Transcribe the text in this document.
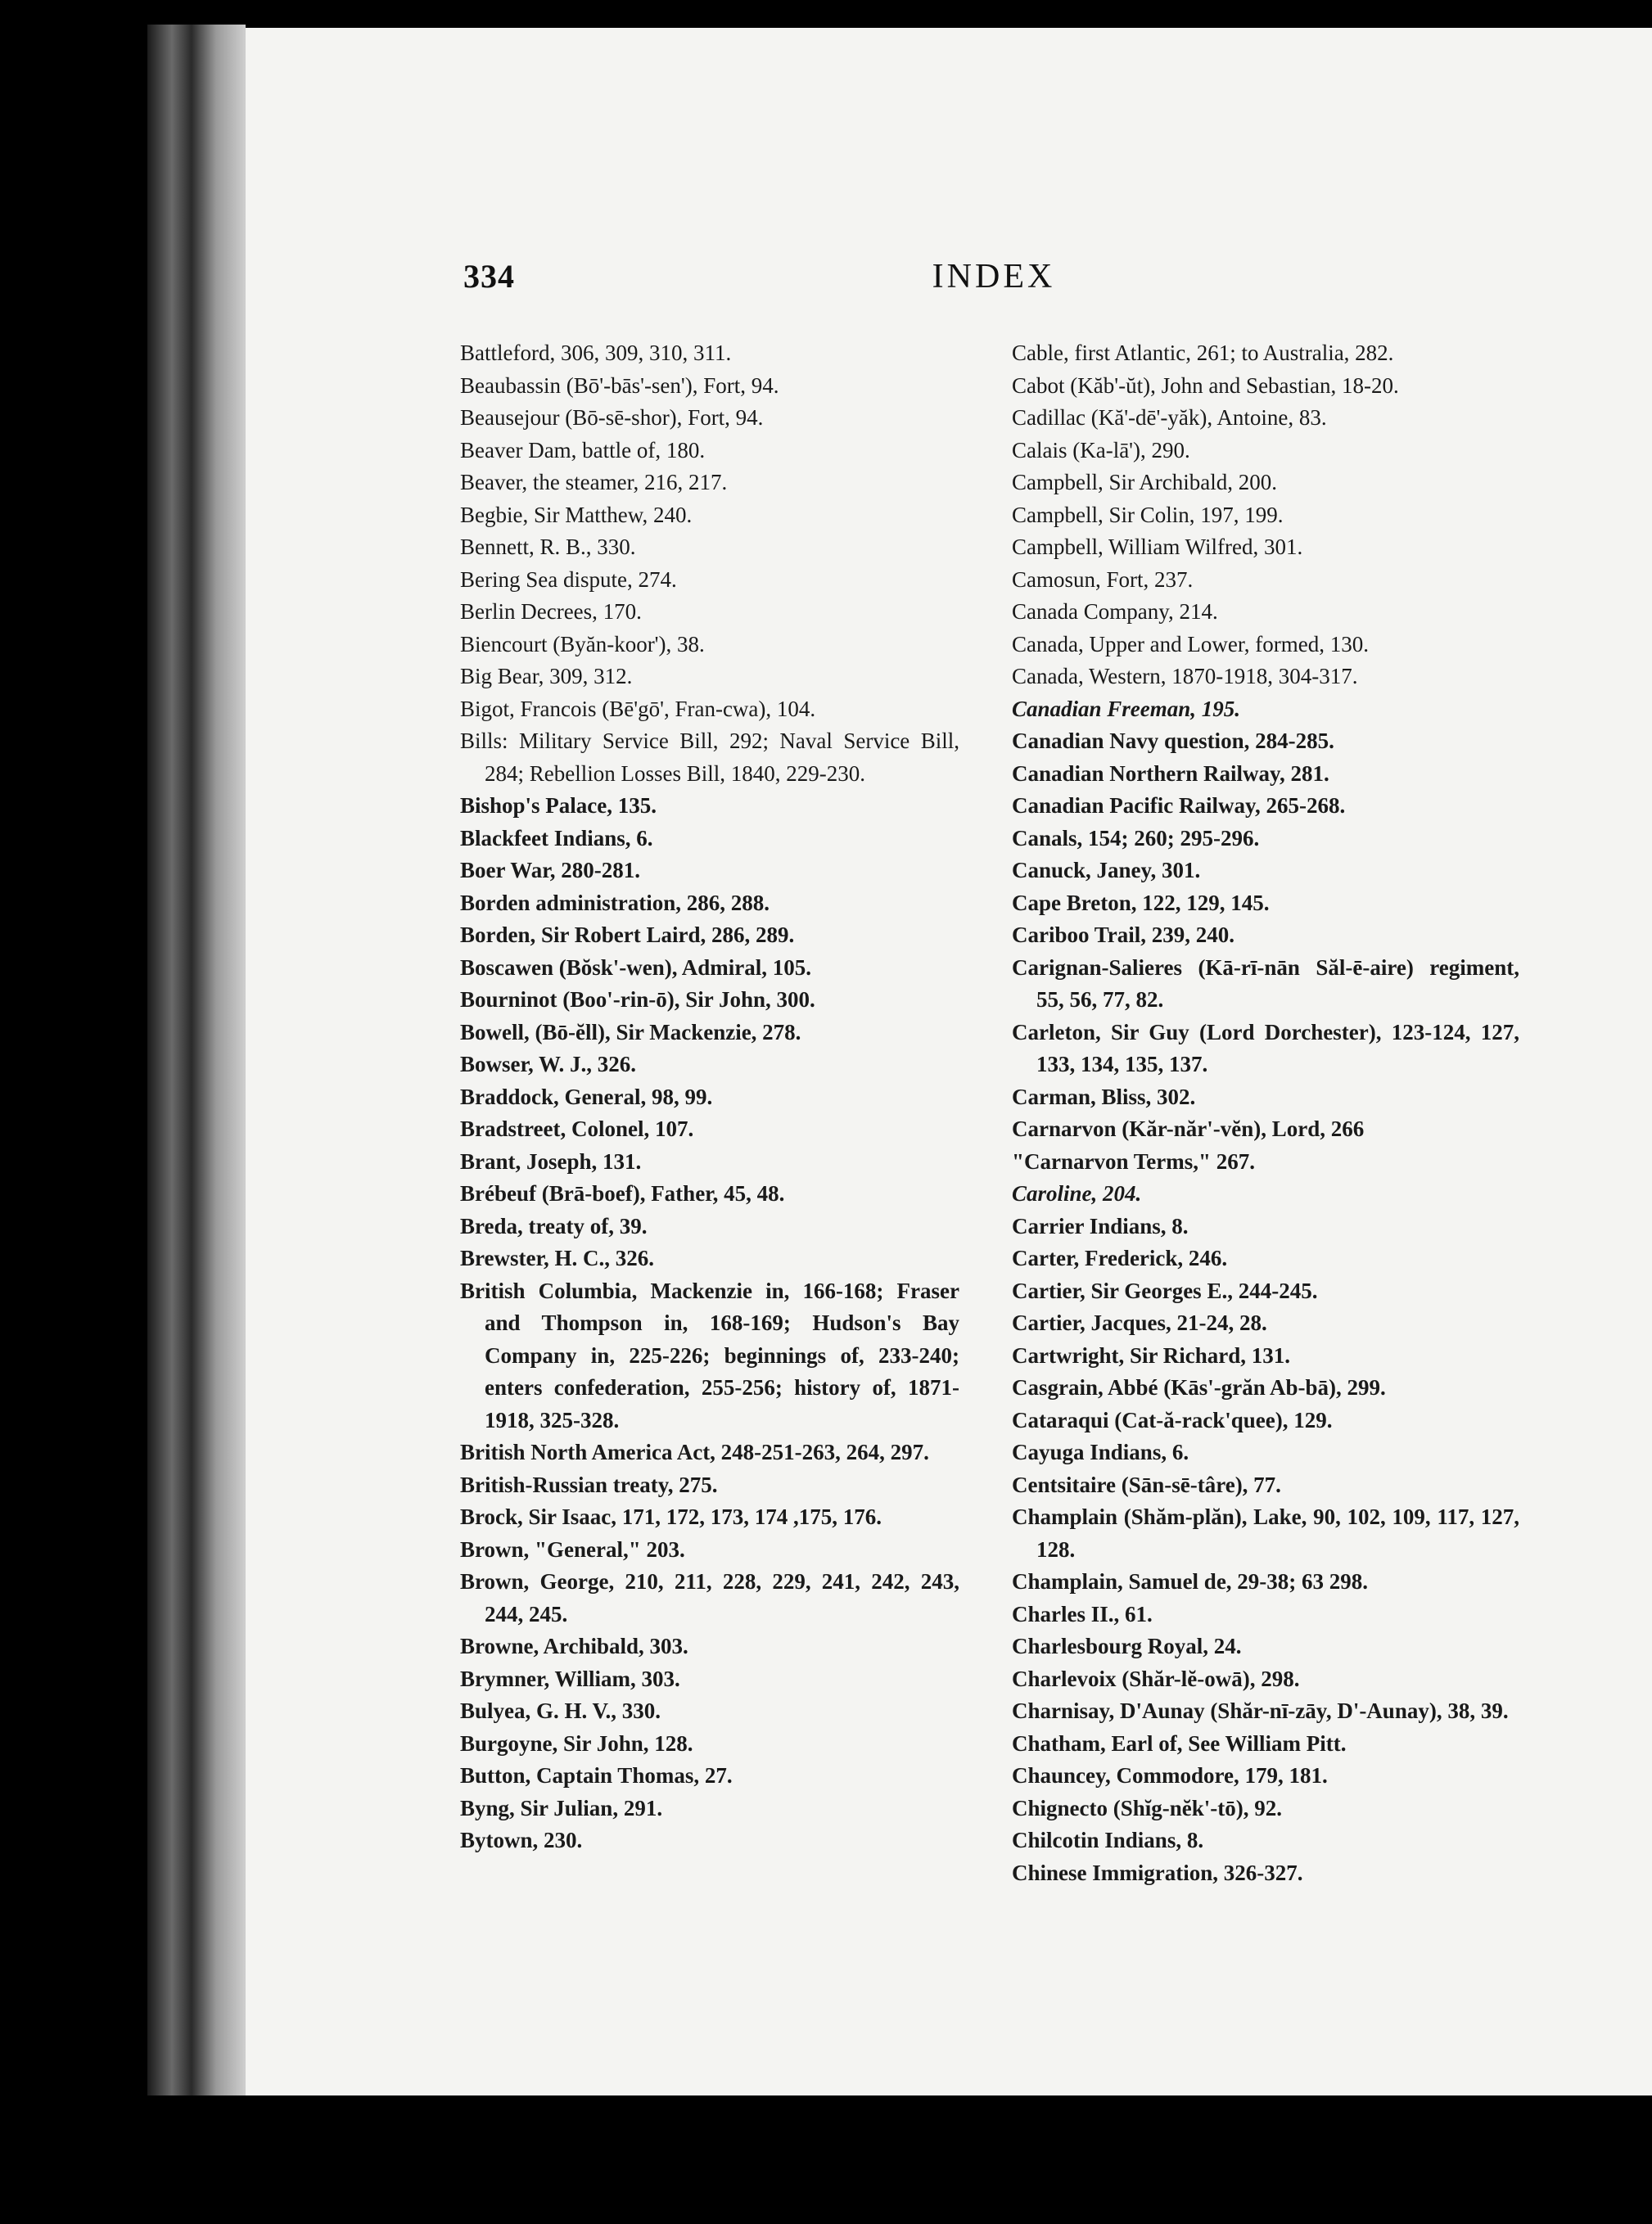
334	INDEX
Battleford, 306, 309, 310, 311.
Beaubassin (Bō'-bās'-sen'), Fort, 94.
Beausejour (Bō-sē-shor), Fort, 94.
Beaver Dam, battle of, 180.
Beaver, the steamer, 216, 217.
Begbie, Sir Matthew, 240.
Bennett, R. B., 330.
Bering Sea dispute, 274.
Berlin Decrees, 170.
Biencourt (Byăn-koor'), 38.
Big Bear, 309, 312.
Bigot, Francois (Bē'gō', Fran-cwa), 104.
Bills: Military Service Bill, 292; Naval Service Bill, 284; Rebellion Losses Bill, 1840, 229-230.
Bishop's Palace, 135.
Blackfeet Indians, 6.
Boer War, 280-281.
Borden administration, 286, 288.
Borden, Sir Robert Laird, 286, 289.
Boscawen (Bŏsk'-wen), Admiral, 105.
Bourninot (Boo'-rin-ō), Sir John, 300.
Bowell, (Bō-ĕll), Sir Mackenzie, 278.
Bowser, W. J., 326.
Braddock, General, 98, 99.
Bradstreet, Colonel, 107.
Brant, Joseph, 131.
Brébeuf (Brā-boef), Father, 45, 48.
Breda, treaty of, 39.
Brewster, H. C., 326.
British Columbia, Mackenzie in, 166-168; Fraser and Thompson in, 168-169; Hudson's Bay Company in, 225-226; beginnings of, 233-240; enters confederation, 255-256; history of, 1871-1918, 325-328.
British North America Act, 248-251-263, 264, 297.
British-Russian treaty, 275.
Brock, Sir Isaac, 171, 172, 173, 174 ,175, 176.
Brown, "General," 203.
Brown, George, 210, 211, 228, 229, 241, 242, 243, 244, 245.
Browne, Archibald, 303.
Brymner, William, 303.
Bulyea, G. H. V., 330.
Burgoyne, Sir John, 128.
Button, Captain Thomas, 27.
Byng, Sir Julian, 291.
Bytown, 230.
Cable, first Atlantic, 261; to Australia, 282.
Cabot (Kăb'-ŭt), John and Sebastian, 18-20.
Cadillac (Kă'-dē'-yăk), Antoine, 83.
Calais (Ka-lā'), 290.
Campbell, Sir Archibald, 200.
Campbell, Sir Colin, 197, 199.
Campbell, William Wilfred, 301.
Camosun, Fort, 237.
Canada Company, 214.
Canada, Upper and Lower, formed, 130.
Canada, Western, 1870-1918, 304-317.
Canadian Freeman, 195.
Canadian Navy question, 284-285.
Canadian Northern Railway, 281.
Canadian Pacific Railway, 265-268.
Canals, 154; 260; 295-296.
Canuck, Janey, 301.
Cape Breton, 122, 129, 145.
Cariboo Trail, 239, 240.
Carignan-Salieres (Kā-rī-nān Săl-ē-aire) regiment, 55, 56, 77, 82.
Carleton, Sir Guy (Lord Dorchester), 123-124, 127, 133, 134, 135, 137.
Carman, Bliss, 302.
Carnarvon (Kăr-năr'-vĕn), Lord, 266
"Carnarvon Terms," 267.
Caroline, 204.
Carrier Indians, 8.
Carter, Frederick, 246.
Cartier, Sir Georges E., 244-245.
Cartier, Jacques, 21-24, 28.
Cartwright, Sir Richard, 131.
Casgrain, Abbé (Kās'-grăn Ab-bā), 299.
Cataraqui (Cat-ă-rack'quee), 129.
Cayuga Indians, 6.
Centsitaire (Sān-sē-târe), 77.
Champlain (Shăm-plăn), Lake, 90, 102, 109, 117, 127, 128.
Champlain, Samuel de, 29-38; 63 298.
Charles II., 61.
Charlesbourg Royal, 24.
Charlevoix (Shăr-lĕ-owā), 298.
Charnisay, D'Aunay (Shăr-nī-zāy, D'-Aunay), 38, 39.
Chatham, Earl of, See William Pitt.
Chauncey, Commodore, 179, 181.
Chignecto (Shĭg-nĕk'-tō), 92.
Chilcotin Indians, 8.
Chinese Immigration, 326-327.
